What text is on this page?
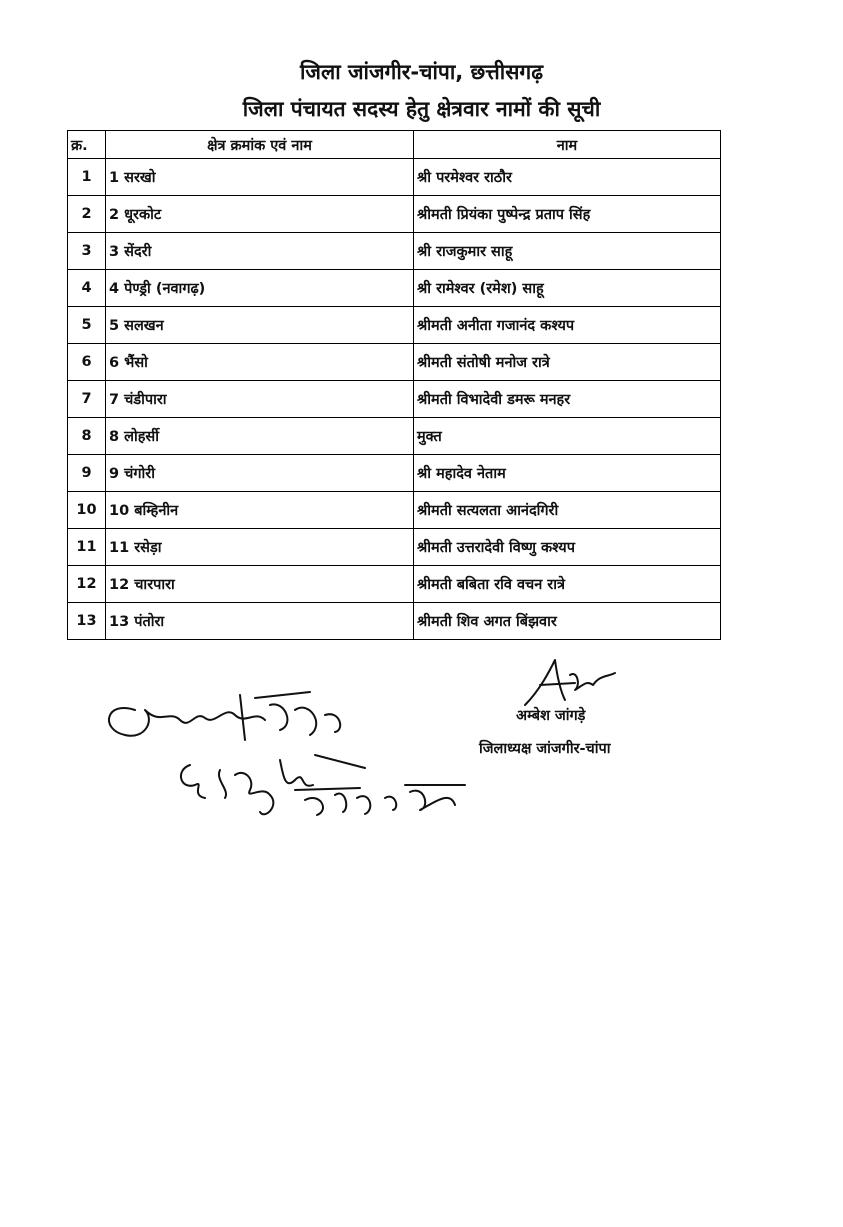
जिला जांजगीर-चांपा, छत्तीसगढ़
जिला पंचायत सदस्य हेतु क्षेत्रवार नामों की सूची
क्र.	क्षेत्र क्रमांक एवं नाम	नाम
1	1 सरखो	श्री परमेश्वर राठौर
2	2 धूरकोट	श्रीमती प्रियंका पुष्पेन्द्र प्रताप सिंह
3	3 सेंदरी	श्री राजकुमार साहू
4	4 पेण्ड्री (नवागढ़)	श्री रामेश्वर (रमेश) साहू
5	5 सलखन	श्रीमती अनीता गजानंद कश्यप
6	6 भैंसो	श्रीमती संतोषी मनोज रात्रे
7	7 चंडीपारा	श्रीमती विभादेवी डमरू मनहर
8	8 लोहर्सी	मुक्त
9	9 चंगोरी	श्री महादेव नेताम
10	10 बम्हिनीन	श्रीमती सत्यलता आनंदगिरी
11	11 रसेड़ा	श्रीमती उत्तरादेवी विष्णु कश्यप
12	12 चारपारा	श्रीमती बबिता रवि वचन रात्रे
13	13 पंतोरा	श्रीमती शिव अगत बिंझवार
अम्बेश जांगड़े
जिलाध्यक्ष जांजगीर-चांपा
